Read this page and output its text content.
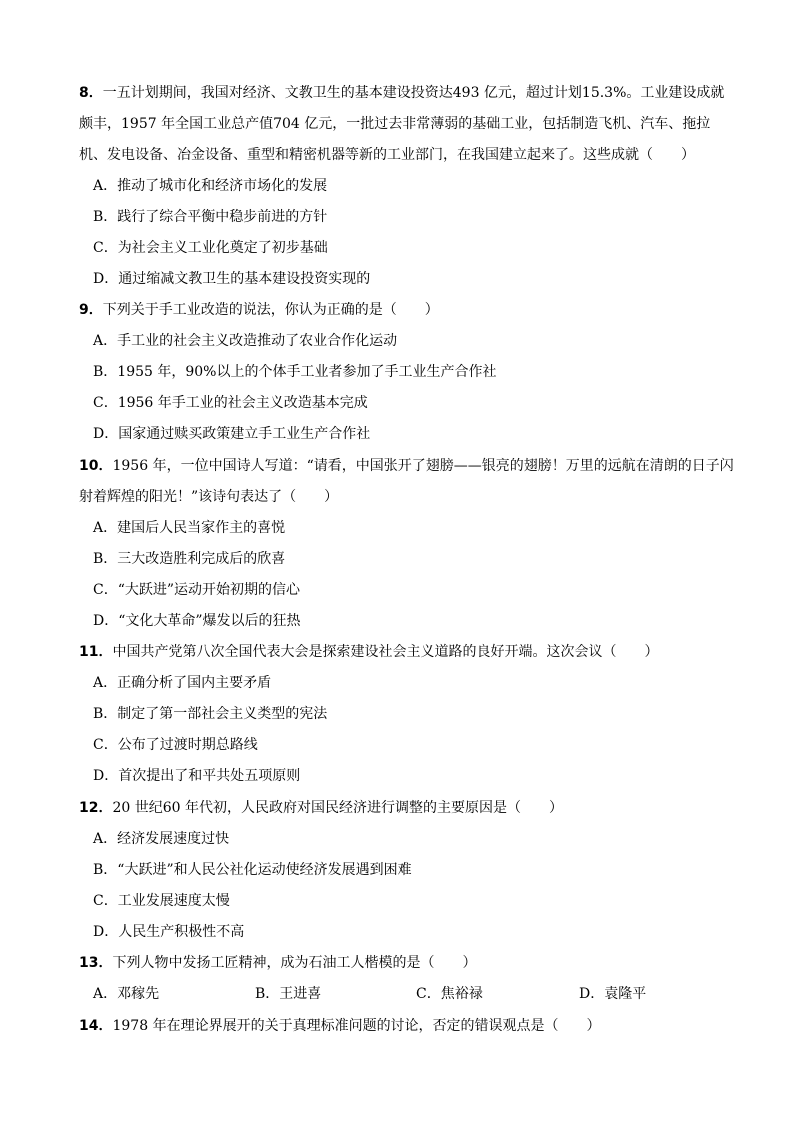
8．一五计划期间，我国对经济、文教卫生的基本建设投资达493 亿元，超过计划15.3%。工业建设成就
颇丰，1957 年全国工业总产值704 亿元，一批过去非常薄弱的基础工业，包括制造飞机、汽车、拖拉
机、发电设备、冶金设备、重型和精密机器等新的工业部门，在我国建立起来了。这些成就（　　）
A．推动了城市化和经济市场化的发展
B．践行了综合平衡中稳步前进的方针
C．为社会主义工业化奠定了初步基础
D．通过缩减文教卫生的基本建设投资实现的
9．下列关于手工业改造的说法，你认为正确的是（　　）
A．手工业的社会主义改造推动了农业合作化运动
B．1955 年，90%以上的个体手工业者参加了手工业生产合作社
C．1956 年手工业的社会主义改造基本完成
D．国家通过赎买政策建立手工业生产合作社
10．1956 年，一位中国诗人写道：“请看，中国张开了翅膀——银亮的翅膀！万里的远航在清朗的日子闪
射着辉煌的阳光！”该诗句表达了（　　）
A．建国后人民当家作主的喜悦
B．三大改造胜利完成后的欣喜
C．“大跃进”运动开始初期的信心
D．“文化大革命”爆发以后的狂热
11．中国共产党第八次全国代表大会是探索建设社会主义道路的良好开端。这次会议（　　）
A．正确分析了国内主要矛盾
B．制定了第一部社会主义类型的宪法
C．公布了过渡时期总路线
D．首次提出了和平共处五项原则
12．20 世纪60 年代初，人民政府对国民经济进行调整的主要原因是（　　）
A．经济发展速度过快
B．“大跃进”和人民公社化运动使经济发展遇到困难
C．工业发展速度太慢
D．人民生产积极性不高
13．下列人物中发扬工匠精神，成为石油工人楷模的是（　　）
A．邓稼先	B．王进喜	C．焦裕禄	D．袁隆平
14．1978 年在理论界展开的关于真理标准问题的讨论，否定的错误观点是（　　）
